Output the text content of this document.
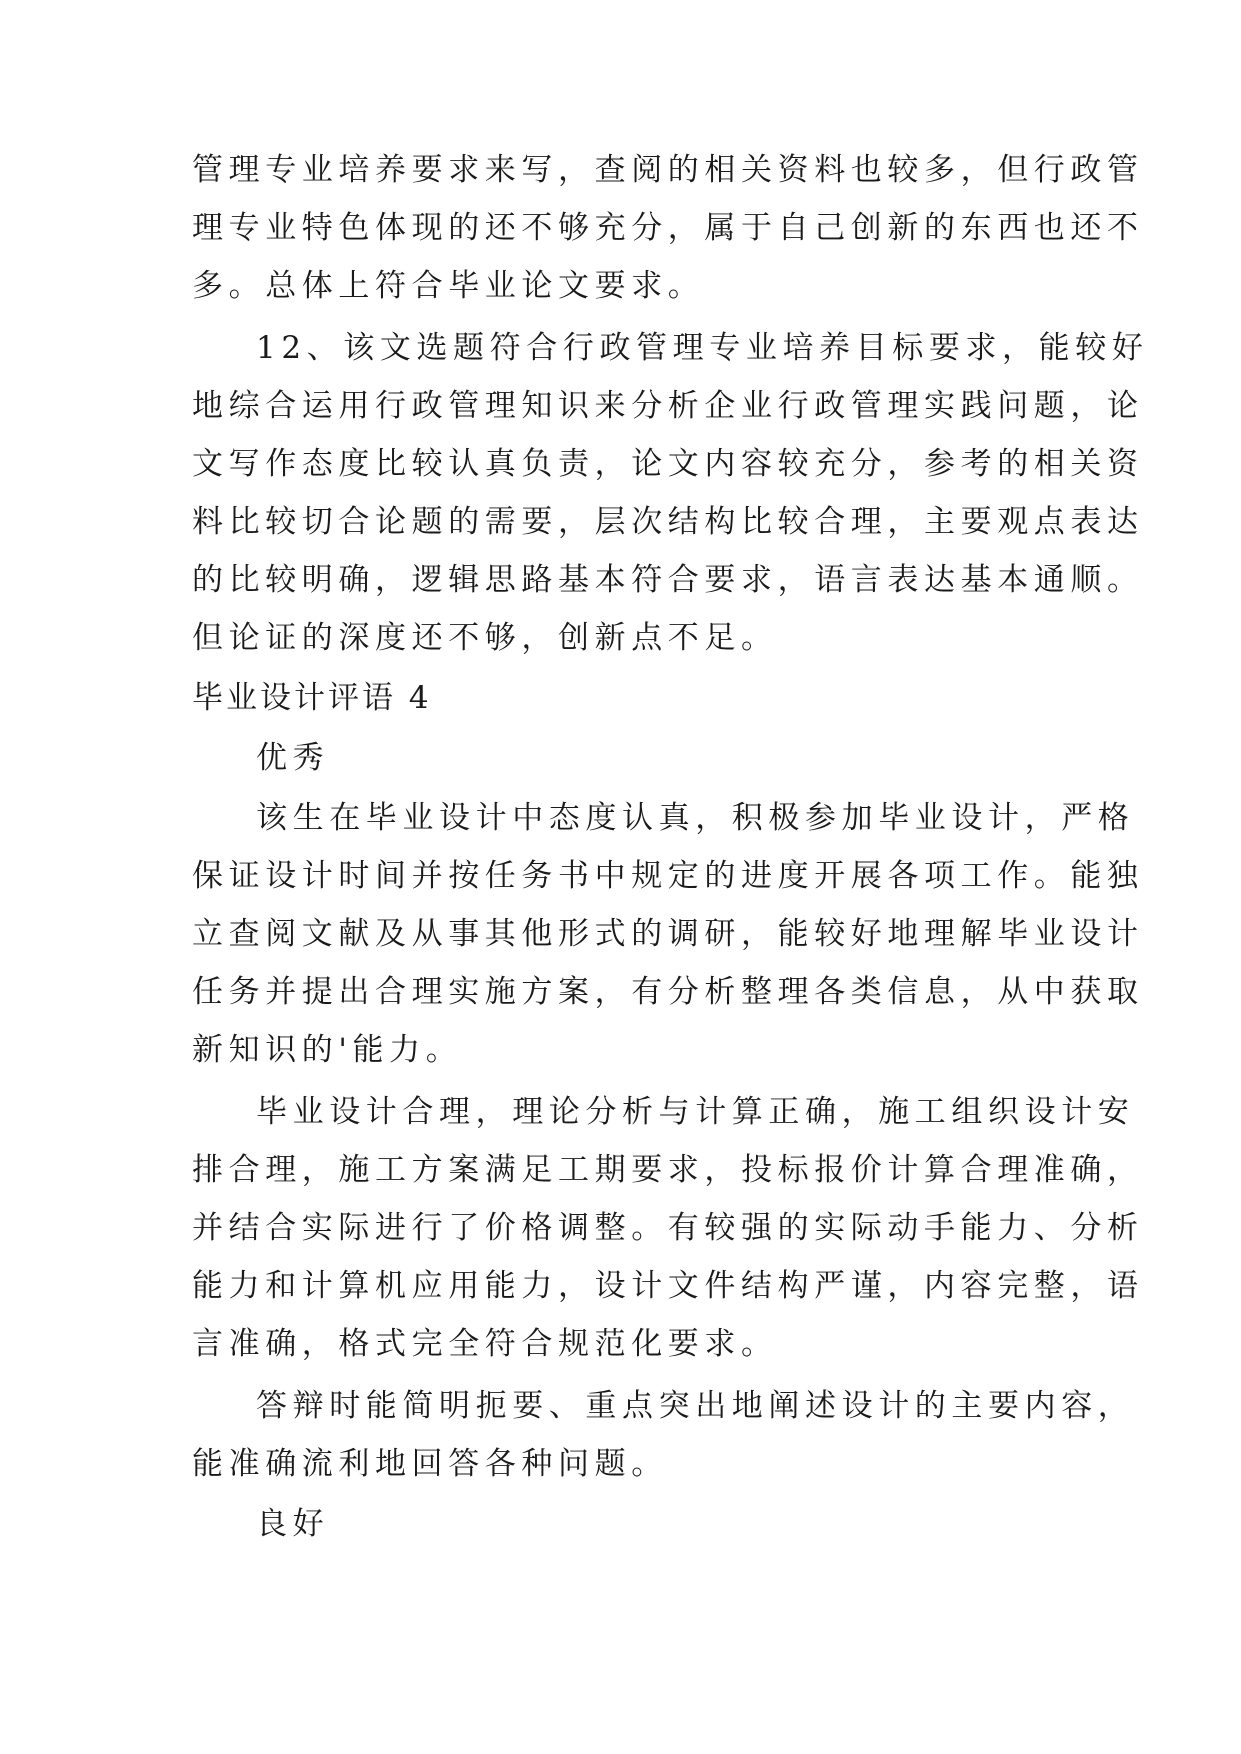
管理专业培养要求来写，查阅的相关资料也较多，但行政管
理专业特色体现的还不够充分，属于自己创新的东西也还不
多。总体上符合毕业论文要求。
12、该文选题符合行政管理专业培养目标要求，能较好
地综合运用行政管理知识来分析企业行政管理实践问题，论
文写作态度比较认真负责，论文内容较充分，参考的相关资
料比较切合论题的需要，层次结构比较合理，主要观点表达
的比较明确，逻辑思路基本符合要求，语言表达基本通顺。
但论证的深度还不够，创新点不足。
毕业设计评语 4
优秀
该生在毕业设计中态度认真，积极参加毕业设计，严格
保证设计时间并按任务书中规定的进度开展各项工作。能独
立查阅文献及从事其他形式的调研，能较好地理解毕业设计
任务并提出合理实施方案，有分析整理各类信息，从中获取
新知识的'能力。
毕业设计合理，理论分析与计算正确，施工组织设计安
排合理，施工方案满足工期要求，投标报价计算合理准确，
并结合实际进行了价格调整。有较强的实际动手能力、分析
能力和计算机应用能力，设计文件结构严谨，内容完整，语
言准确，格式完全符合规范化要求。
答辩时能简明扼要、重点突出地阐述设计的主要内容，
能准确流利地回答各种问题。
良好
